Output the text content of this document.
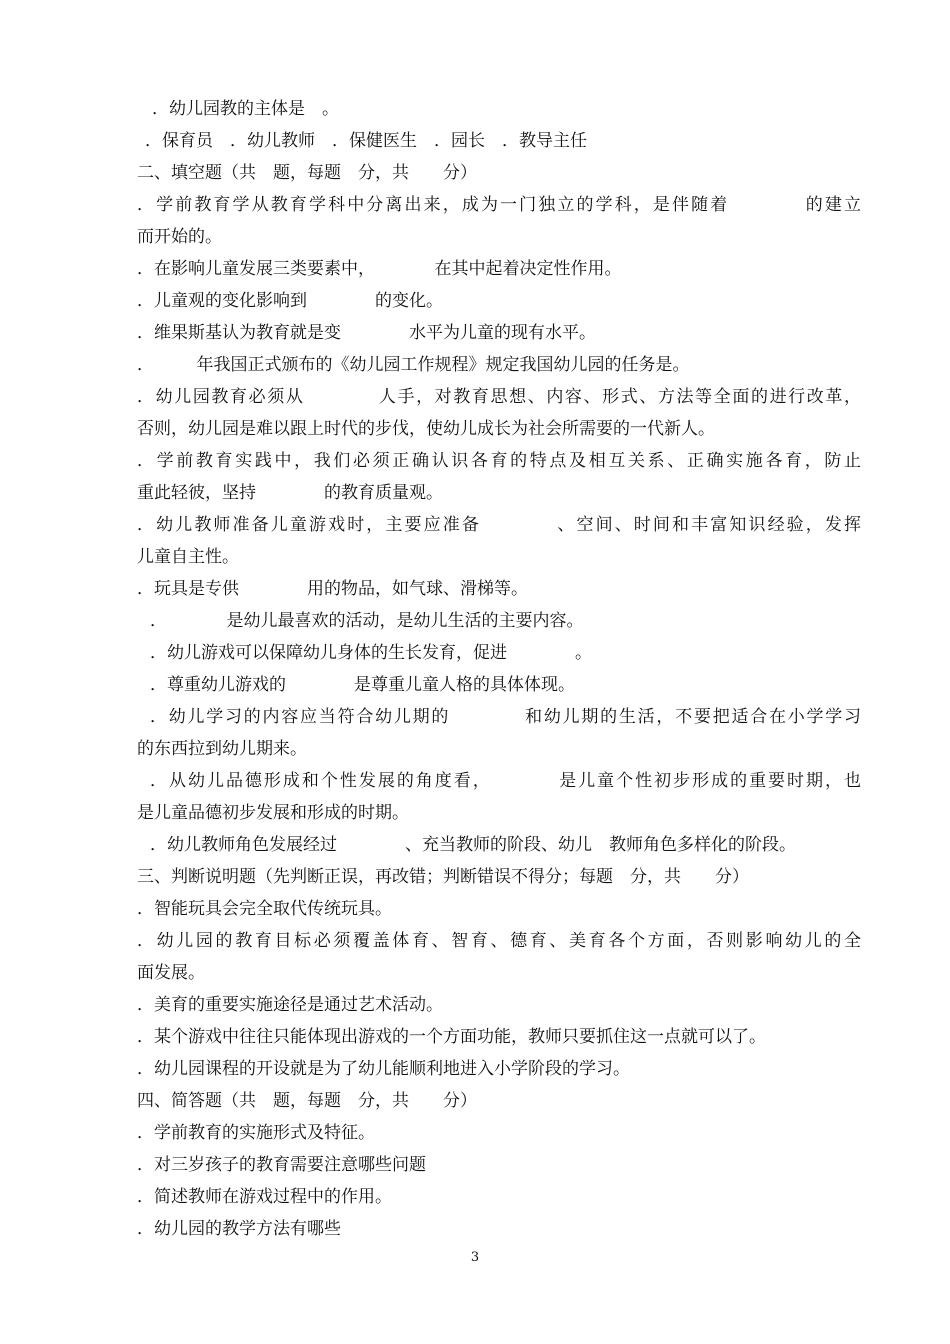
．幼儿园教的主体是　。
．保育员　．幼儿教师　．保健医生　．园长　．教导主任
二、填空题（共　题，每题　分，共　　分）
．学前教育学从教育学科中分离出来，成为一门独立的学科，是伴随着　　　　的建立
而开始的。
．在影响儿童发展三类要素中，　　　　在其中起着决定性作用。
．儿童观的变化影响到　　　　的变化。
．维果斯基认为教育就是变　　　　水平为儿童的现有水平。
．　　　年我国正式颁布的《幼儿园工作规程》规定我国幼儿园的任务是。
．幼儿园教育必须从　　　　人手，对教育思想、内容、形式、方法等全面的进行改革，
否则，幼儿园是难以跟上时代的步伐，使幼儿成长为社会所需要的一代新人。
．学前教育实践中，我们必须正确认识各育的特点及相互关系、正确实施各育，防止
重此轻彼，坚持　　　　的教育质量观。
．幼儿教师准备儿童游戏时，主要应准备　　　　、空间、时间和丰富知识经验，发挥
儿童自主性。
．玩具是专供　　　　用的物品，如气球、滑梯等。
．　　　　是幼儿最喜欢的活动，是幼儿生活的主要内容。
．幼儿游戏可以保障幼儿身体的生长发育，促进　　　　。
．尊重幼儿游戏的　　　　是尊重儿童人格的具体体现。
．幼儿学习的内容应当符合幼儿期的　　　　和幼儿期的生活，不要把适合在小学学习
的东西拉到幼儿期来。
．从幼儿品德形成和个性发展的角度看，　　　　是儿童个性初步形成的重要时期，也
是儿童品德初步发展和形成的时期。
．幼儿教师角色发展经过　　　　、充当教师的阶段、幼儿　教师角色多样化的阶段。
三、判断说明题（先判断正误，再改错；判断错误不得分；每题　分，共　　分）
．智能玩具会完全取代传统玩具。
．幼儿园的教育目标必须覆盖体育、智育、德育、美育各个方面，否则影响幼儿的全
面发展。
．美育的重要实施途径是通过艺术活动。
．某个游戏中往往只能体现出游戏的一个方面功能，教师只要抓住这一点就可以了。
．幼儿园课程的开设就是为了幼儿能顺利地进入小学阶段的学习。
四、简答题（共　题，每题　分，共　　分）
．学前教育的实施形式及特征。
．对三岁孩子的教育需要注意哪些问题
．简述教师在游戏过程中的作用。
．幼儿园的教学方法有哪些
3
